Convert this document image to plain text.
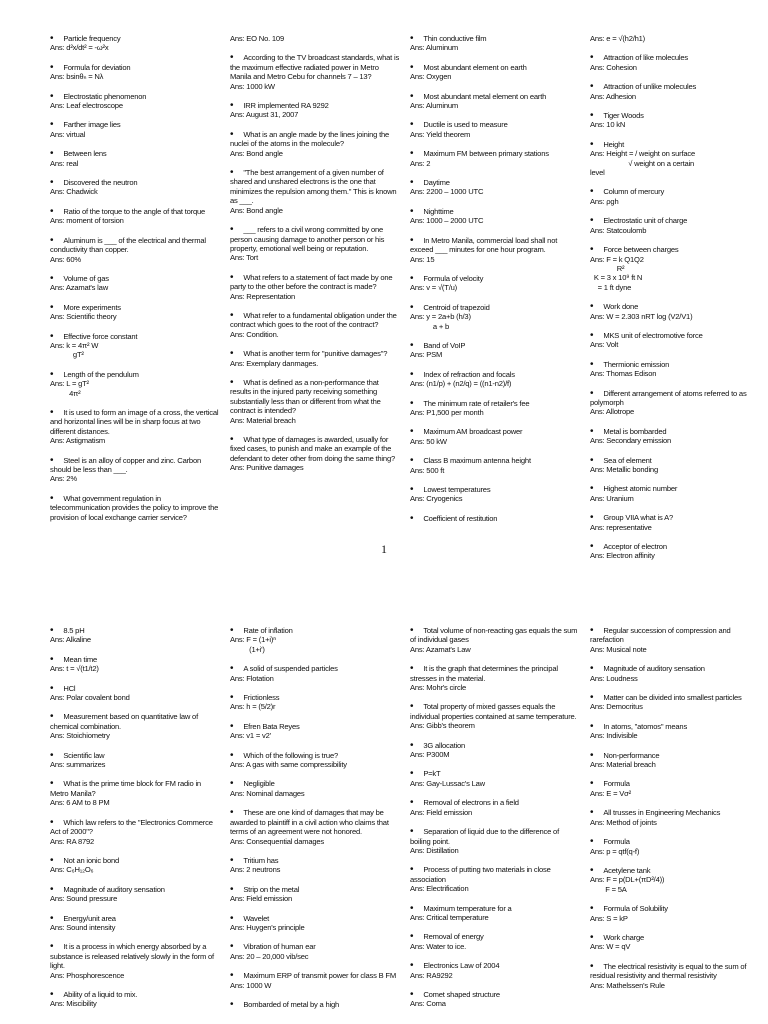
• Particle frequency
Ans: d²x/dt² = -ω²x
• Formula for deviation
Ans: bsinθₙ = Nλ
• Electrostatic phenomenon
Ans: Leaf electroscope
• Farther image lies
Ans: virtual
• Between lens
Ans: real
• Discovered the neutron
Ans: Chadwick
• Ratio of the torque to the angle of that torque
Ans: moment of torsion
• Aluminum is ___ of the electrical and thermal conductivity than copper.
Ans: 60%
• Volume of gas
Ans: Azamat's law
• More experiments
Ans: Scientific theory
• Effective force constant
Ans: k = 4π² W
gT²
• Length of the pendulum
Ans: L = gT²
4π²
• It is used to form an image of a cross, the vertical and horizontal lines will be in sharp focus at two different distances.
Ans: Astigmatism
• Steel is an alloy of copper and zinc. Carbon should be less than ___.
Ans: 2%
• What government regulation in telecommunication provides the policy to improve the provision of local exchange carrier service?
Ans: EO No. 109
• According to the TV broadcast standards, what is the maximum effective radiated power in Metro Manila and Metro Cebu for channels 7 – 13?
Ans: 1000 kW
• IRR implemented RA 9292
Ans: August 31, 2007
• What is an angle made by the lines joining the nuclei of the atoms in the molecule?
Ans: Bond angle
• "The best arrangement of a given number of shared and unshared electrons is the one that minimizes the repulsion among them." This is known as ___.
Ans: Bond angle
• ___ refers to a civil wrong committed by one person causing damage to another person or his property, emotional well being or reputation.
Ans: Tort
• What refers to a statement of fact made by one party to the other before the contract is made?
Ans: Representation
• What refer to a fundamental obligation under the contract which goes to the root of the contract?
Ans: Condition.
• What is another term for "punitive damages"?
Ans: Exemplary danmages.
• What is defined as a non-performance that results in the injured party receiving something substantially less than or different from what the contract is intended?
Ans: Material breach
• What type of damages is awarded, usually for fixed cases, to punish and make an example of the defendant to deter other from doing the same thing?
Ans: Punitive damages
• Thin conductive film
Ans: Aluminum
• Most abundant element on earth
Ans: Oxygen
• Most abundant metal element on earth
Ans: Aluminum
• Ductile is used to measure
Ans: Yield theorem
• Maximum FM between primary stations
Ans: 2
• Daytime
Ans: 2200 – 1000 UTC
• Nighttime
Ans: 1000 – 2000 UTC
• In Metro Manila, commercial load shall not exceed ___ minutes for one hour program.
Ans: 15
• Formula of velocity
Ans: v = √(T/u)
• Centroid of trapezoid
Ans: y = 2a+b (h/3)
a + b
• Band of VoIP
Ans: PSM
• Index of refraction and focals
Ans: (n1/p) + (n2/q) = ((n1-n2)/f)
• The minimum rate of retailer's fee
Ans: P1,500 per month
• Maximum AM broadcast power
Ans: 50 kW
• Class B maximum antenna height
Ans: 500 ft
• Lowest temperatures
Ans: Cryogenics
• Coefficient of restitution
Ans: e = √(h2/h1)
• Attraction of like molecules
Ans: Cohesion
• Attraction of unlike molecules
Ans: Adhesion
• Tiger Woods
Ans: 10 kN
• Height
Ans: Height = / weight on surface
√ weight on a certain
level
• Column of mercury
Ans: ρgh
• Electrostatic unit of charge
Ans: Statcoulomb
• Force between charges
Ans: F = k Q1Q2
R²
K = 3 x 10⁹ ft N
= 1 ft dyne
• Work done
Ans: W = 2.303 nRT log (V2/V1)
• MKS unit of electromotive force
Ans: Volt
• Thermionic emission
Ans: Thomas Edison
• Different arrangement of atoms referred to as polymorph
Ans: Allotrope
• Metal is bombarded
Ans: Secondary emission
• Sea of element
Ans: Metallic bonding
• Highest atomic number
Ans: Uranium
• Group VIIA what is A?
Ans: representative
• Acceptor of electron
Ans: Electron affinity
1
• 8.5 pH
Ans: Alkaline
• Mean time
Ans: t = √(t1/t2)
• HCl
Ans: Polar covalent bond
• Measurement based on quantitative law of chemical combination.
Ans: Stoichiometry
• Scientific law
Ans: summarizes
• What is the prime time block for FM radio in Metro Manila?
Ans: 6 AM to 8 PM
• Which law refers to the "Electronics Commerce Act of 2000"?
Ans: RA 8792
• Not an ionic bond
Ans: C₆H₁₂O₆
• Magnitude of auditory sensation
Ans: Sound pressure
• Energy/unit area
Ans: Sound intensity
• It is a process in which energy absorbed by a substance is released relatively slowly in the form of light.
Ans: Phosphorescence
• Ability of a liquid to mix.
Ans: Miscibility
• Rate of inflation
Ans: F = (1+i)ⁿ
(1+i')
• A solid of suspended particles
Ans: Flotation
• Frictionless
Ans: h = (5/2)r
• Efren Bata Reyes
Ans: v1 = v2'
• Which of the following is true?
Ans: A gas with same compressibility
• Negligible
Ans: Nominal damages
• These are one kind of damages that may be awarded to plaintiff in a civil action who claims that terms of an agreement were not honored.
Ans: Consequential damages
• Tritium has
Ans: 2 neutrons
• Strip on the metal
Ans: Field emission
• Wavelet
Ans: Huygen's principle
• Vibration of human ear
Ans: 20 – 20,000 vib/sec
• Maximum ERP of transmit power for class B FM
Ans: 1000 W
• Bombarded of metal by a high
• Total volume of non-reacting gas equals the sum of individual gases
Ans: Azamat's Law
• It is the graph that determines the principal stresses in the material.
Ans: Mohr's circle
• Total property of mixed gasses equals the individual properties contained at same temperature.
Ans: Gibb's theorem
• 3G allocation
Ans: P300M
• P=kT
Ans: Gay-Lussac's Law
• Removal of electrons in a field
Ans: Field emission
• Separation of liquid due to the difference of boiling point.
Ans: Distillation
• Process of putting two materials in close association
Ans: Electrification
• Maximum temperature for a
Ans: Critical temperature
• Removal of energy
Ans: Water to ice.
• Electronics Law of 2004
Ans: RA9292
• Comet shaped structure
Ans: Coma
• Regular succession of compression and rarefaction
Ans: Musical note
• Magnitude of auditory sensation
Ans: Loudness
• Matter can be divided into smallest particles
Ans: Democritus
• In atoms, "atomos" means
Ans: Indivisible
• Non-performance
Ans: Material breach
• Formula
Ans: E = Vσ²
• All trusses in Engineering Mechanics
Ans: Method of joints
• Formula
Ans: p = qtf(q-f)
• Acetylene tank
Ans: F = p(DL+(πD²/4))
F = 5A
• Formula of Solubility
Ans: S = kP
• Work charge
Ans: W = qV
• The electrical resistivity is equal to the sum of residual resistivity and thermal resistivity
Ans: Mathelssen's Rule
